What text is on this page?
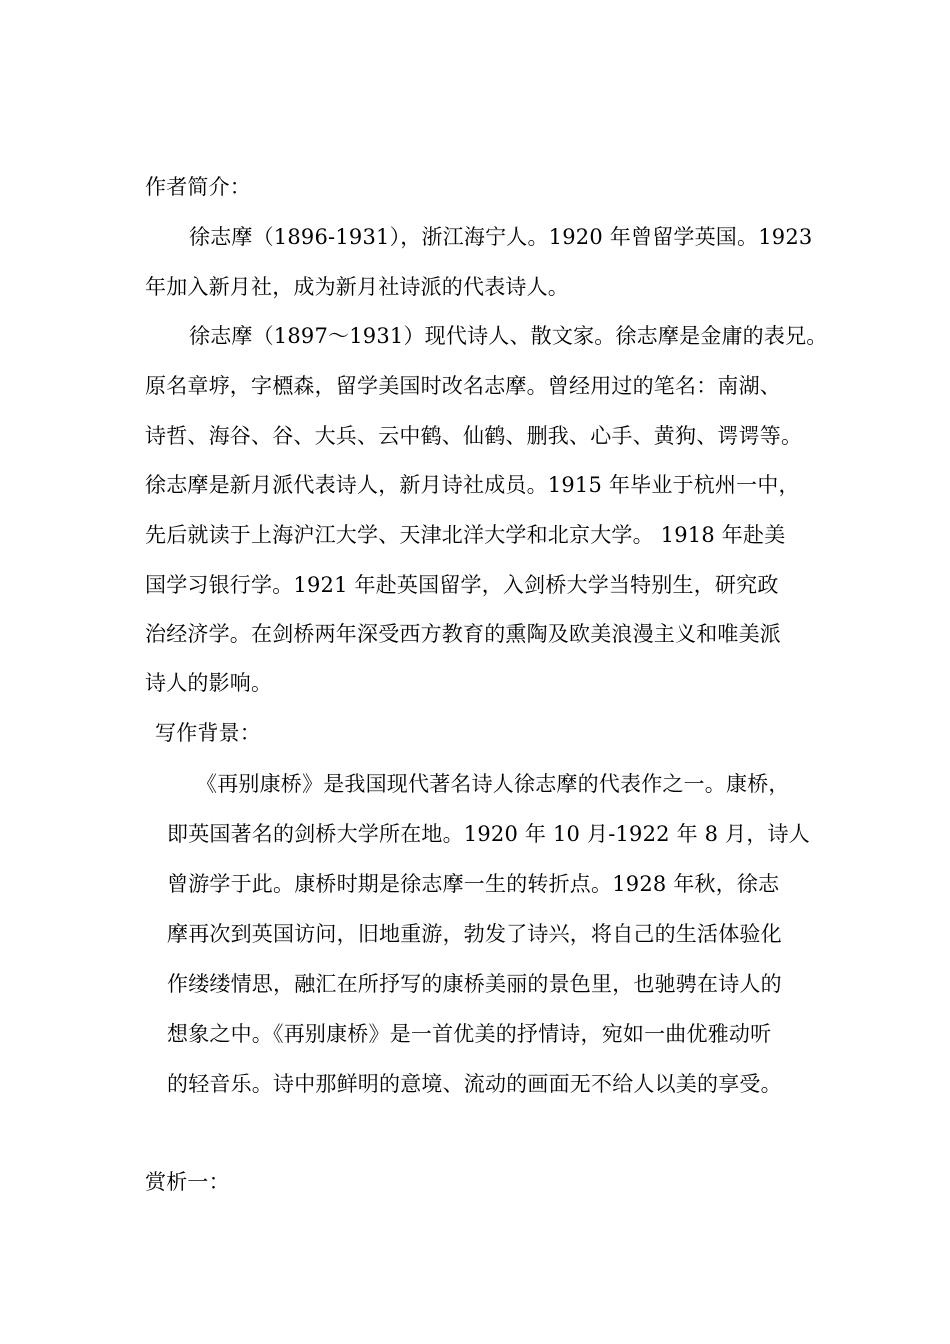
作者简介：
徐志摩（1896-1931），浙江海宁人。1920 年曾留学英国。1923
年加入新月社，成为新月社诗派的代表诗人。
徐志摩（1897～1931）现代诗人、散文家。徐志摩是金庸的表兄。
原名章垿，字槱森，留学美国时改名志摩。曾经用过的笔名：南湖、
诗哲、海谷、谷、大兵、云中鹤、仙鹤、删我、心手、黄狗、谔谔等。
徐志摩是新月派代表诗人，新月诗社成员。1915 年毕业于杭州一中，
先后就读于上海沪江大学、天津北洋大学和北京大学。 1918 年赴美
国学习银行学。1921 年赴英国留学，入剑桥大学当特别生，研究政
治经济学。在剑桥两年深受西方教育的熏陶及欧美浪漫主义和唯美派
诗人的影响。
写作背景：
《再别康桥》是我国现代著名诗人徐志摩的代表作之一。康桥，
即英国著名的剑桥大学所在地。1920 年 10 月-1922 年 8 月，诗人
曾游学于此。康桥时期是徐志摩一生的转折点。1928 年秋，徐志
摩再次到英国访问，旧地重游，勃发了诗兴，将自己的生活体验化
作缕缕情思，融汇在所抒写的康桥美丽的景色里，也驰骋在诗人的
想象之中。《再别康桥》是一首优美的抒情诗，宛如一曲优雅动听
的轻音乐。诗中那鲜明的意境、流动的画面无不给人以美的享受。
赏析一：
